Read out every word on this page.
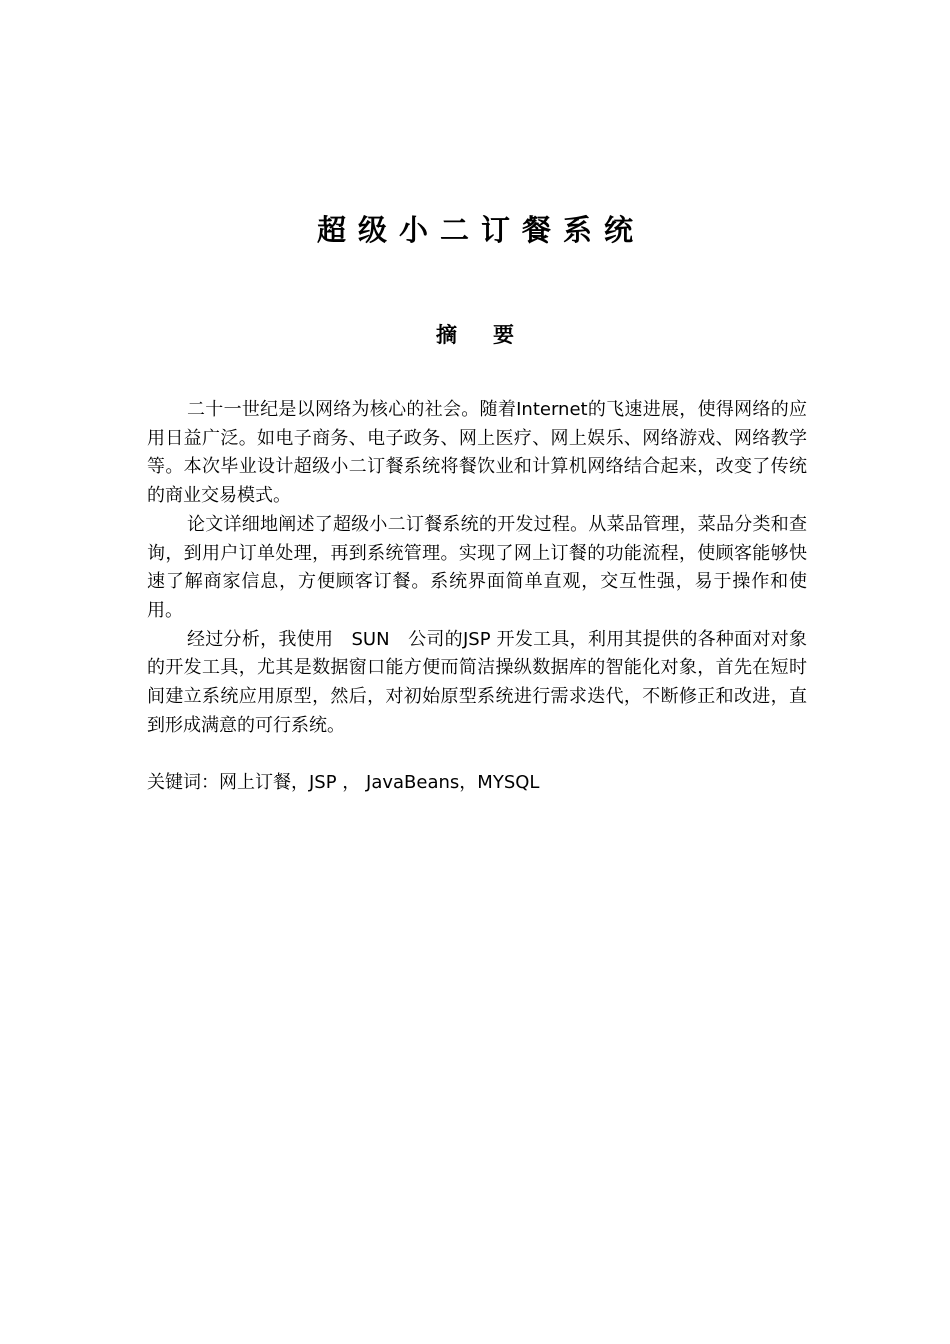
超级小二订餐系统
摘要

二十一世纪是以网络为核心的社会。随着Internet的飞速进展，使得网络的应用日益广泛。如电子商务、电子政务、网上医疗、网上娱乐、网络游戏、网络教学等。本次毕业设计超级小二订餐系统将餐饮业和计算机网络结合起来，改变了传统的商业交易模式。

论文详细地阐述了超级小二订餐系统的开发过程。从菜品管理，菜品分类和查询，到用户订单处理，再到系统管理。实现了网上订餐的功能流程，使顾客能够快速了解商家信息，方便顾客订餐。系统界面简单直观，交互性强，易于操作和使用。

经过分析，我使用　SUN　公司的JSP 开发工具，利用其提供的各种面对对象的开发工具，尤其是数据窗口能方便而简洁操纵数据库的智能化对象，首先在短时间建立系统应用原型，然后，对初始原型系统进行需求迭代，不断修正和改进，直到形成满意的可行系统。

关键词：网上订餐，JSP ， JavaBeans，MYSQL
